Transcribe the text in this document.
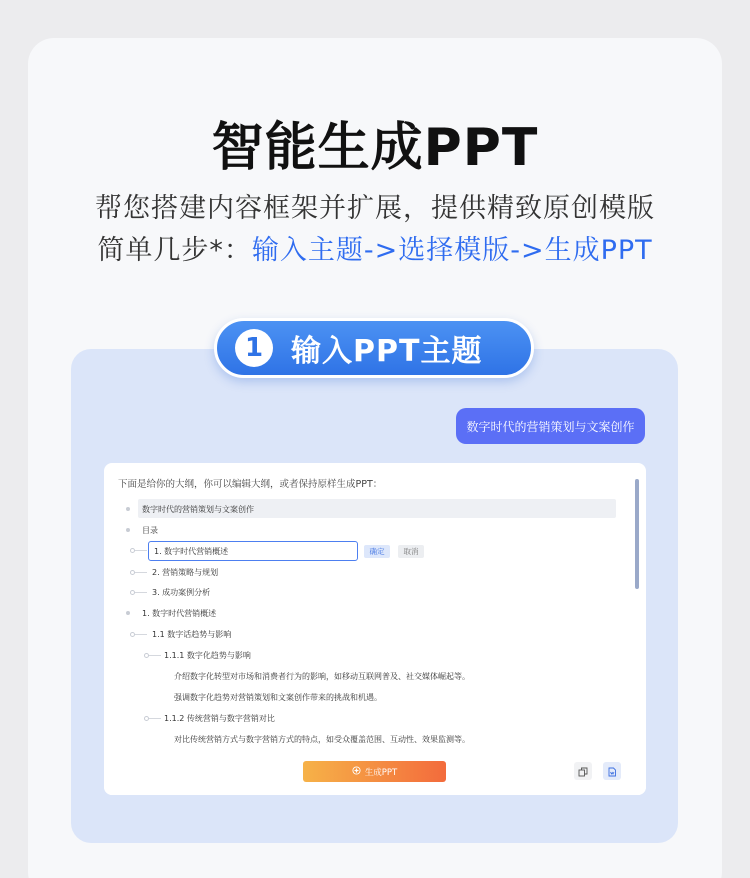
智能生成PPT
帮您搭建内容框架并扩展，提供精致原创模版
简单几步*：输入主题->选择模版->生成PPT
1 输入PPT主题
数字时代的营销策划与文案创作
下面是给你的大纲，你可以编辑大纲，或者保持原样生成PPT：
数字时代的营销策划与文案创作
目录
1. 数字时代营销概述	确定	取消
2. 营销策略与规划
3. 成功案例分析
1. 数字时代营销概述
1.1 数字话趋势与影响
1.1.1 数字化趋势与影响
介绍数字化转型对市场和消费者行为的影响，如移动互联网普及、社交媒体崛起等。
强调数字化趋势对营销策划和文案创作带来的挑战和机遇。
1.1.2 传统营销与数字营销对比
对比传统营销方式与数字营销方式的特点，如受众覆盖范围、互动性、效果监测等。
生成PPT
